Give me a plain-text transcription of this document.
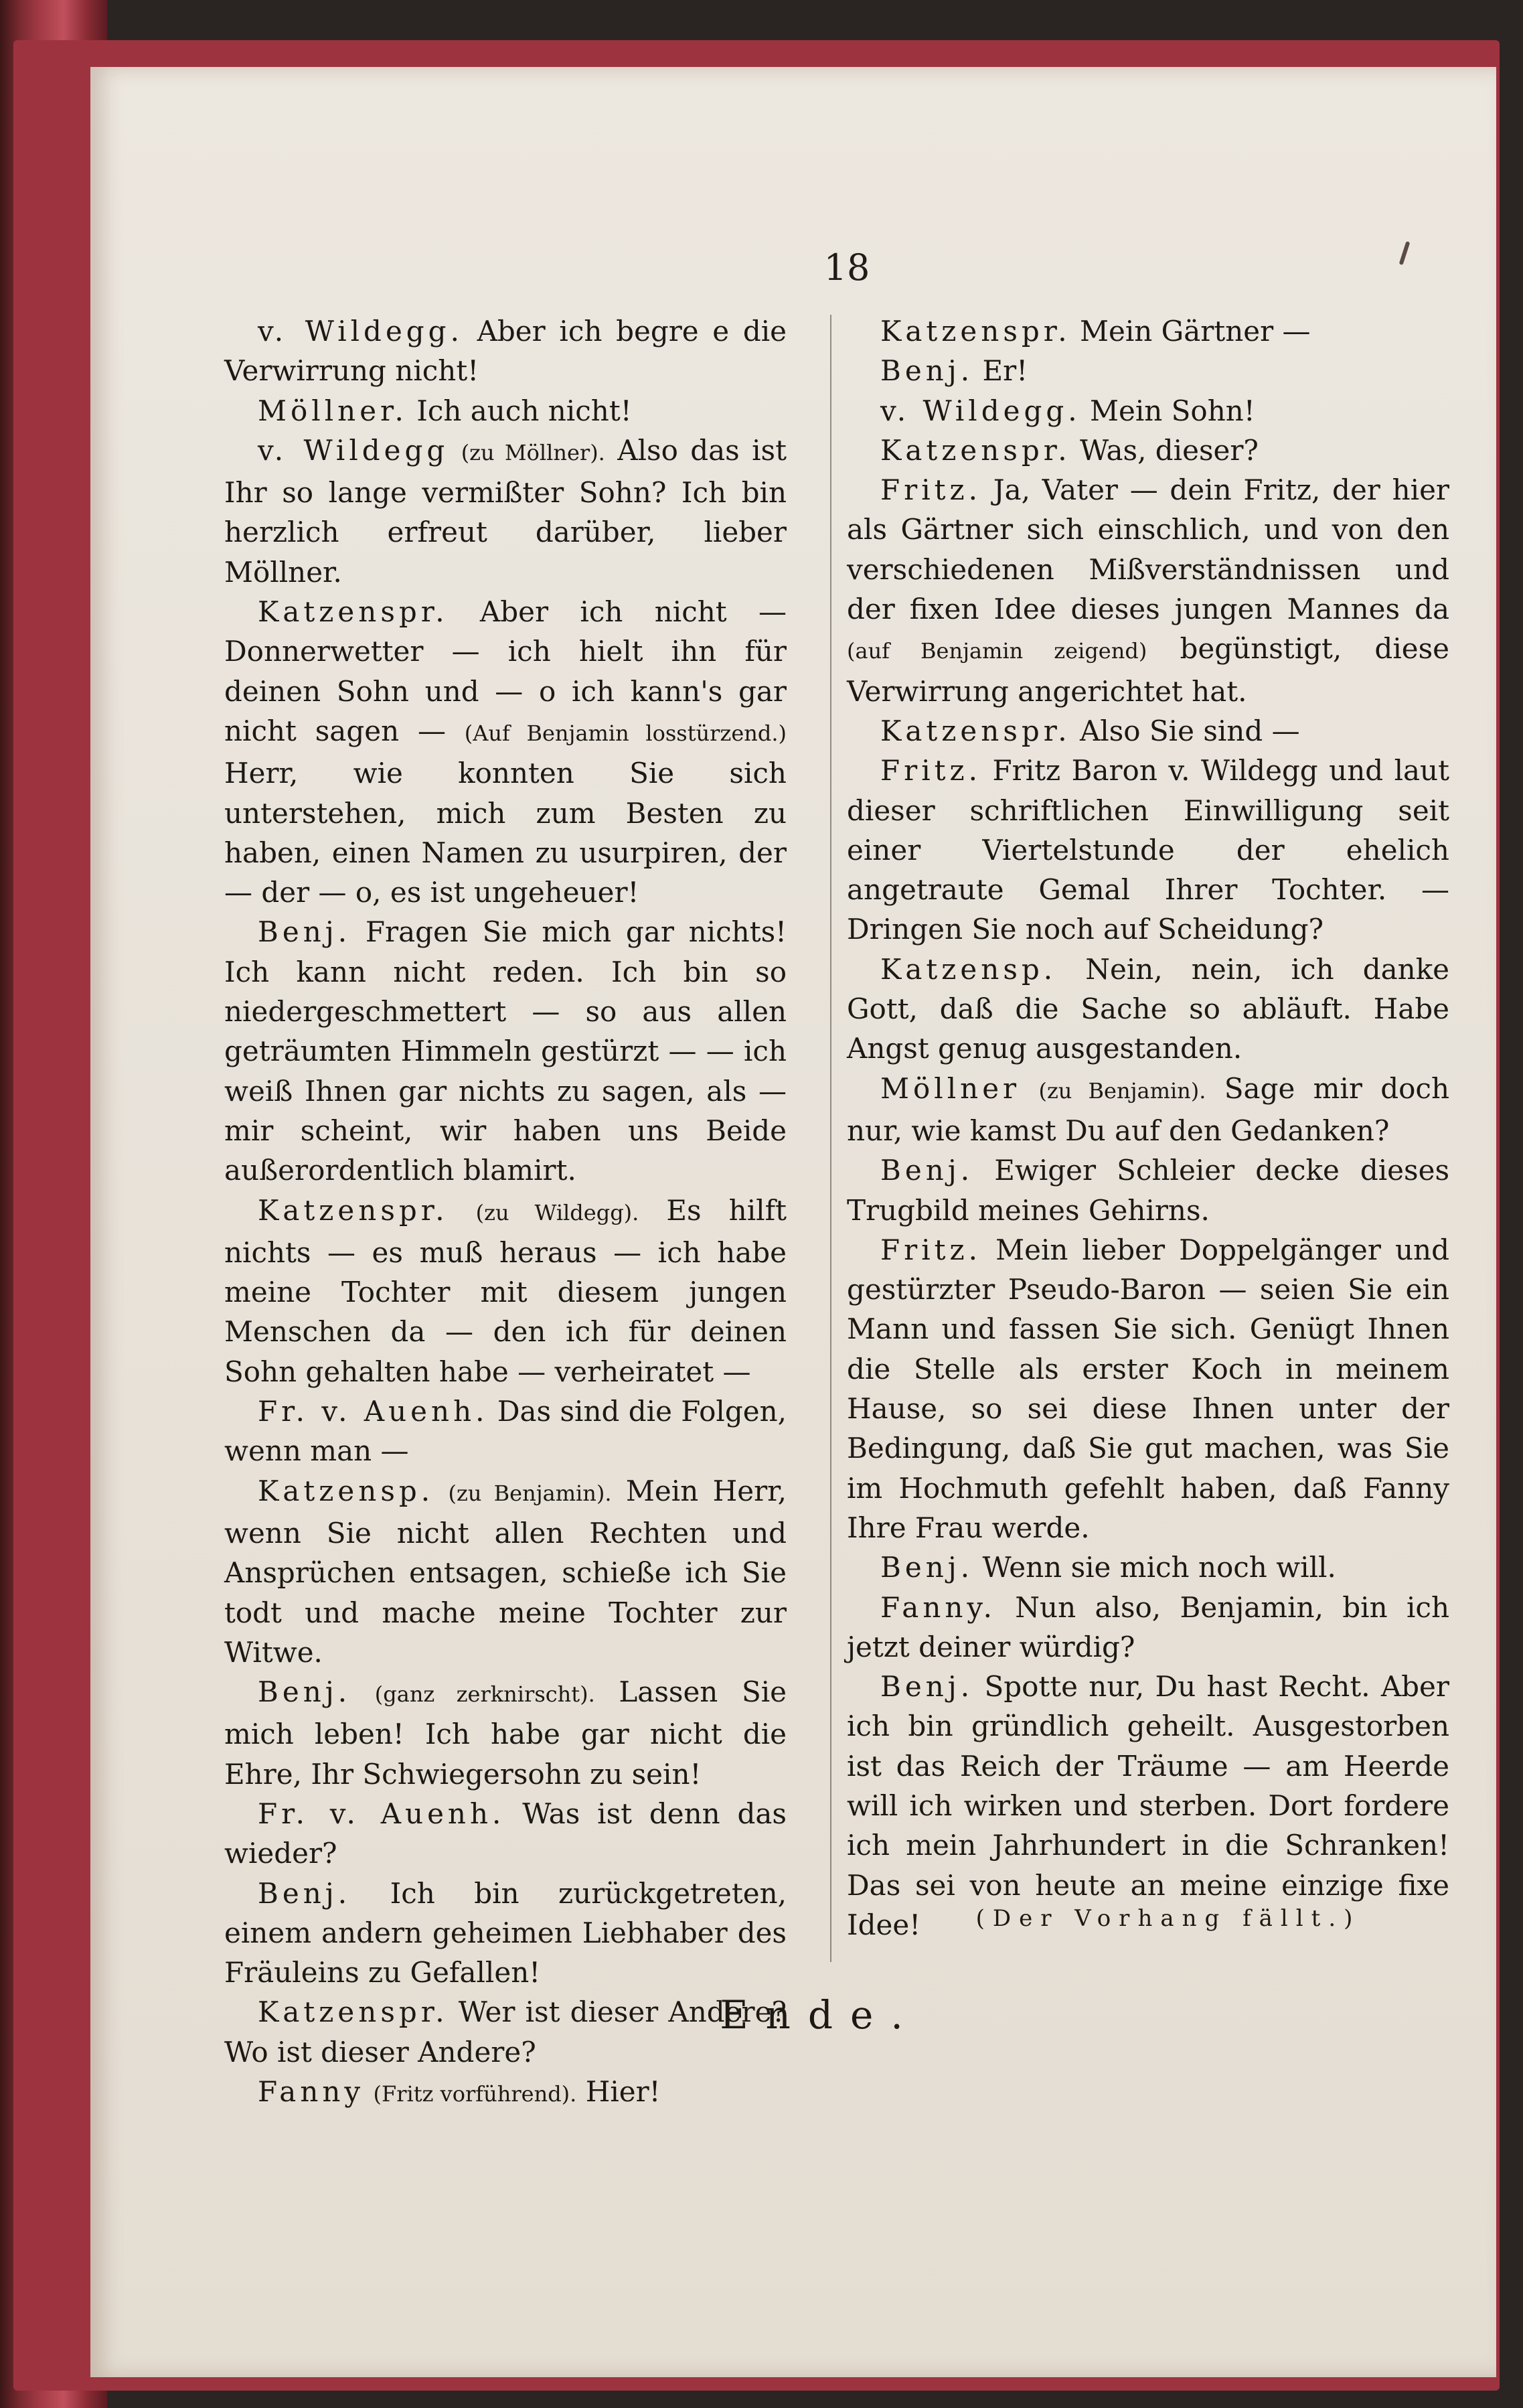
18

v. Wildegg. Aber ich begre e die Verwirrung nicht!

Möllner. Ich auch nicht!

v. Wildegg (zu Möllner). Also das ist Ihr so lange vermißter Sohn? Ich bin herzlich erfreut darüber, lieber Möllner.

Katzenspr. Aber ich nicht — Donnerwetter — ich hielt ihn für deinen Sohn und — o ich kann's gar nicht sagen — (Auf Benjamin losstürzend.) Herr, wie konnten Sie sich unterstehen, mich zum Besten zu haben, einen Namen zu usurpiren, der — der — o, es ist ungeheuer!

Benj. Fragen Sie mich gar nichts! Ich kann nicht reden. Ich bin so niedergeschmettert — so aus allen geträumten Himmeln gestürzt — — ich weiß Ihnen gar nichts zu sagen, als — mir scheint, wir haben uns Beide außerordentlich blamirt.

Katzenspr. (zu Wildegg). Es hilft nichts — es muß heraus — ich habe meine Tochter mit diesem jungen Menschen da — den ich für deinen Sohn gehalten habe — verheiratet —

Fr. v. Auenh. Das sind die Folgen, wenn man —

Katzensp. (zu Benjamin). Mein Herr, wenn Sie nicht allen Rechten und Ansprüchen entsagen, schieße ich Sie todt und mache meine Tochter zur Witwe.

Benj. (ganz zerknirscht). Lassen Sie mich leben! Ich habe gar nicht die Ehre, Ihr Schwiegersohn zu sein!

Fr. v. Auenh. Was ist denn das wieder?

Benj. Ich bin zurückgetreten, einem andern geheimen Liebhaber des Fräuleins zu Gefallen!

Katzenspr. Wer ist dieser Andere? Wo ist dieser Andere?

Fanny (Fritz vorführend). Hier!

Katzenspr. Mein Gärtner —

Benj. Er!

v. Wildegg. Mein Sohn!

Katzenspr. Was, dieser?

Fritz. Ja, Vater — dein Fritz, der hier als Gärtner sich einschlich, und von den verschiedenen Mißverständnissen und der fixen Idee dieses jungen Mannes da (auf Benjamin zeigend) begünstigt, diese Verwirrung angerichtet hat.

Katzenspr. Also Sie sind —

Fritz. Fritz Baron v. Wildegg und laut dieser schriftlichen Einwilligung seit einer Viertelstunde der ehelich angetraute Gemal Ihrer Tochter. — Dringen Sie noch auf Scheidung?

Katzensp. Nein, nein, ich danke Gott, daß die Sache so abläuft. Habe Angst genug ausgestanden.

Möllner (zu Benjamin). Sage mir doch nur, wie kamst Du auf den Gedanken?

Benj. Ewiger Schleier decke dieses Trugbild meines Gehirns.

Fritz. Mein lieber Doppelgänger und gestürzter Pseudo-Baron — seien Sie ein Mann und fassen Sie sich. Genügt Ihnen die Stelle als erster Koch in meinem Hause, so sei diese Ihnen unter der Bedingung, daß Sie gut machen, was Sie im Hochmuth gefehlt haben, daß Fanny Ihre Frau werde.

Benj. Wenn sie mich noch will.

Fanny. Nun also, Benjamin, bin ich jetzt deiner würdig?

Benj. Spotte nur, Du hast Recht. Aber ich bin gründlich geheilt. Ausgestorben ist das Reich der Träume — am Heerde will ich wirken und sterben. Dort fordere ich mein Jahrhundert in die Schranken! Das sei von heute an meine einzige fixe Idee!	(Der Vorhang fällt.)
Ende.
